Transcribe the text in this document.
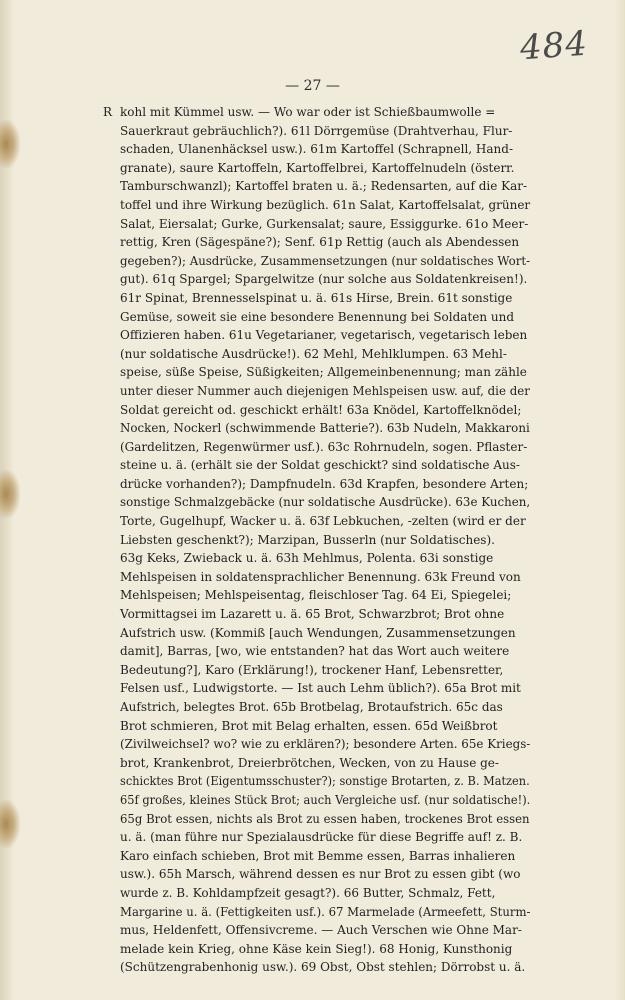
484
— 27 —
R kohl mit Kümmel usw. — Wo war oder ist Schießbaumwolle =
Sauerkraut gebräuchlich?). 61l Dörrgemüse (Drahtverhau, Flur-
schaden, Ulanenhäcksel usw.). 61m Kartoffel (Schrapnell, Hand-
granate), saure Kartoffeln, Kartoffelbrei, Kartoffelnudeln (österr.
Tamburschwanzl); Kartoffel braten u. ä.; Redensarten, auf die Kar-
toffel und ihre Wirkung bezüglich. 61n Salat, Kartoffelsalat, grüner
Salat, Eiersalat; Gurke, Gurkensalat; saure, Essiggurke. 61o Meer-
rettig, Kren (Sägespäne?); Senf. 61p Rettig (auch als Abendessen
gegeben?); Ausdrücke, Zusammensetzungen (nur soldatisches Wort-
gut). 61q Spargel; Spargelwitze (nur solche aus Soldatenkreisen!).
61r Spinat, Brennesselspinat u. ä. 61s Hirse, Brein. 61t sonstige
Gemüse, soweit sie eine besondere Benennung bei Soldaten und
Offizieren haben. 61u Vegetarianer, vegetarisch, vegetarisch leben
(nur soldatische Ausdrücke!). 62 Mehl, Mehlklumpen. 63 Mehl-
speise, süße Speise, Süßigkeiten; Allgemeinbenennung; man zähle
unter dieser Nummer auch diejenigen Mehlspeisen usw. auf, die der
Soldat gereicht od. geschickt erhält! 63a Knödel, Kartoffelknödel;
Nocken, Nockerl (schwimmende Batterie?). 63b Nudeln, Makkaroni
(Gardelitzen, Regenwürmer usf.). 63c Rohrnudeln, sogen. Pflaster-
steine u. ä. (erhält sie der Soldat geschickt? sind soldatische Aus-
drücke vorhanden?); Dampfnudeln. 63d Krapfen, besondere Arten;
sonstige Schmalzgebäcke (nur soldatische Ausdrücke). 63e Kuchen,
Torte, Gugelhupf, Wacker u. ä. 63f Lebkuchen, -zelten (wird er der
Liebsten geschenkt?); Marzipan, Busserln (nur Soldatisches).
63g Keks, Zwieback u. ä. 63h Mehlmus, Polenta. 63i sonstige
Mehlspeisen in soldatensprachlicher Benennung. 63k Freund von
Mehlspeisen; Mehlspeisentag, fleischloser Tag. 64 Ei, Spiegelei;
Vormittagsei im Lazarett u. ä. 65 Brot, Schwarzbrot; Brot ohne
Aufstrich usw. (Kommiß [auch Wendungen, Zusammensetzungen
damit], Barras, [wo, wie entstanden? hat das Wort auch weitere
Bedeutung?], Karo (Erklärung!), trockener Hanf, Lebensretter,
Felsen usf., Ludwigstorte. — Ist auch Lehm üblich?). 65a Brot mit
Aufstrich, belegtes Brot. 65b Brotbelag, Brotaufstrich. 65c das
Brot schmieren, Brot mit Belag erhalten, essen. 65d Weißbrot
(Zivilweichsel? wo? wie zu erklären?); besondere Arten. 65e Kriegs-
brot, Krankenbrot, Dreierbrötchen, Wecken, von zu Hause ge-
schicktes Brot (Eigentumsschuster?); sonstige Brotarten, z. B. Matzen.
65f großes, kleines Stück Brot; auch Vergleiche usf. (nur soldatische!).
65g Brot essen, nichts als Brot zu essen haben, trockenes Brot essen
u. ä. (man führe nur Spezialausdrücke für diese Begriffe auf! z. B.
Karo einfach schieben, Brot mit Bemme essen, Barras inhalieren
usw.). 65h Marsch, während dessen es nur Brot zu essen gibt (wo
wurde z. B. Kohldampfzeit gesagt?). 66 Butter, Schmalz, Fett,
Margarine u. ä. (Fettigkeiten usf.). 67 Marmelade (Armeefett, Sturm-
mus, Heldenfett, Offensivcreme. — Auch Verschen wie Ohne Mar-
melade kein Krieg, ohne Käse kein Sieg!). 68 Honig, Kunsthonig
(Schützengrabenhonig usw.). 69 Obst, Obst stehlen; Dörrobst u. ä.
